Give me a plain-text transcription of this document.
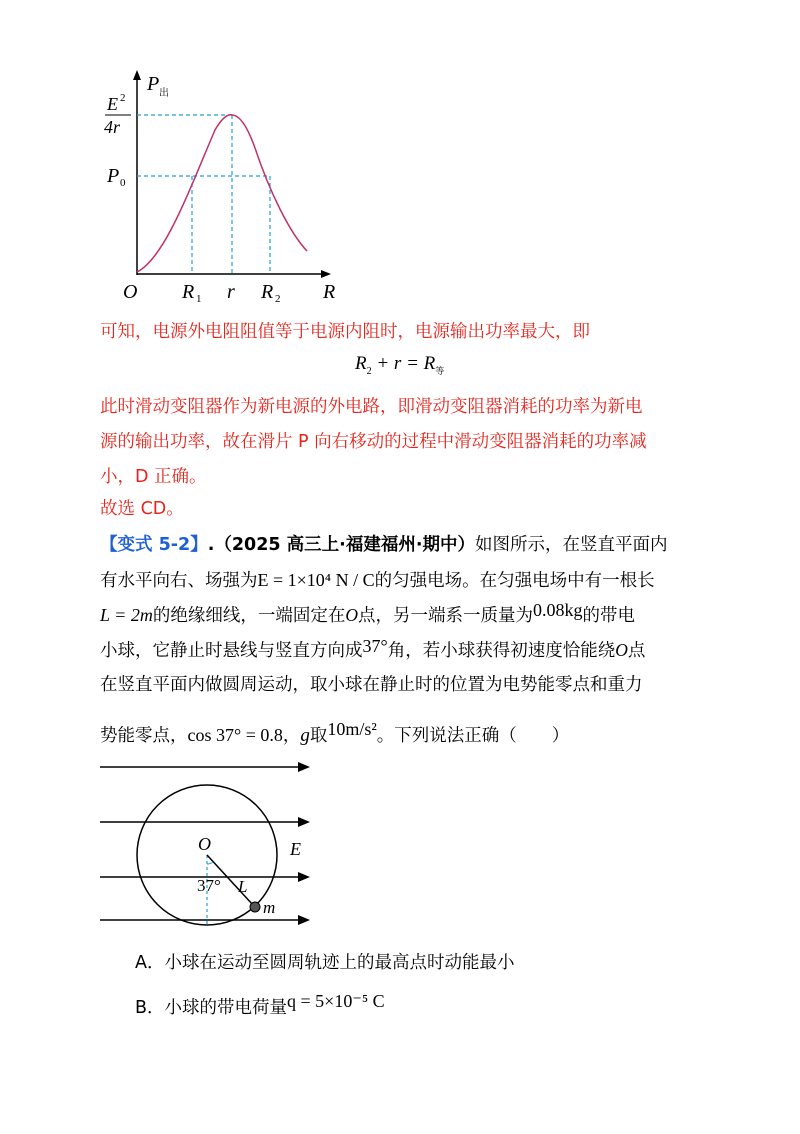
P 出
E 2
4r
P 0
O R 1 r R 2 R
可知，电源外电阻阻值等于电源内阻时，电源输出功率最大，即
$R_2 + r = R_等$
此时滑动变阻器作为新电源的外电路，即滑动变阻器消耗的功率为新电
源的输出功率，故在滑片 P 向右移动的过程中滑动变阻器消耗的功率减
小，D 正确。
故选 CD。
【变式 5-2】.（2025 高三上·福建福州·期中）如图所示，在竖直平面内
有水平向右、场强为E = 1×10⁴ N / C的匀强电场。在匀强电场中有一根长
L = 2m的绝缘细线，一端固定在O点，另一端系一质量为0.08kg的带电
小球，它静止时悬线与竖直方向成37°角，若小球获得初速度恰能绕O点
在竖直平面内做圆周运动，取小球在静止时的位置为电势能零点和重力
势能零点，cos 37° = 0.8，g取10m/s²。下列说法正确（　　）
O	E
37° L
m
A．小球在运动至圆周轨迹上的最高点时动能最小
B．小球的带电荷量q = 5×10⁻⁵ C
